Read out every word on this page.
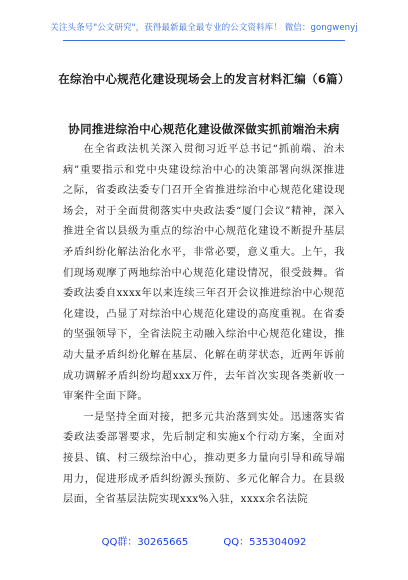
关注头条号"公文研究"，获得最新最全最专业的公文资料库！ 微信：gongwenyj
在综治中心规范化建设现场会上的发言材料汇编（6篇）
协同推进综治中心规范化建设做深做实抓前端治未病

在全省政法机关深入贯彻习近平总书记“抓前端、治未病”重要指示和党中央建设综治中心的决策部署向纵深推进之际，省委政法委专门召开全省推进综治中心规范化建设现场会，对于全面贯彻落实中央政法委“厦门会议”精神，深入推进全省以县级为重点的综治中心规范化建设不断提升基层矛盾纠纷化解法治化水平，非常必要，意义重大。上午，我们现场观摩了两地综治中心规范化建设情况，很受鼓舞。省委政法委自xxxx年以来连续三年召开会议推进综治中心规范化建设，凸显了对综治中心规范化建设的高度重视。在省委的坚强领导下，全省法院主动融入综治中心规范化建设，推动大量矛盾纠纷化解在基层、化解在萌芽状态，近两年诉前成功调解矛盾纠纷均超xxx万件，去年首次实现各类新收一审案件全面下降。

一是坚持全面对接，把多元共治落到实处。迅速落实省委政法委部署要求，先后制定和实施x个行动方案，全面对接县、镇、村三级综治中心，推动更多力量向引导和疏导端用力，促进形成矛盾纠纷源头预防、多元化解合力。在县级层面，全省基层法院实现xxx%入驻，xxxx余名法院

QQ群：30265665	QQ：535304092
